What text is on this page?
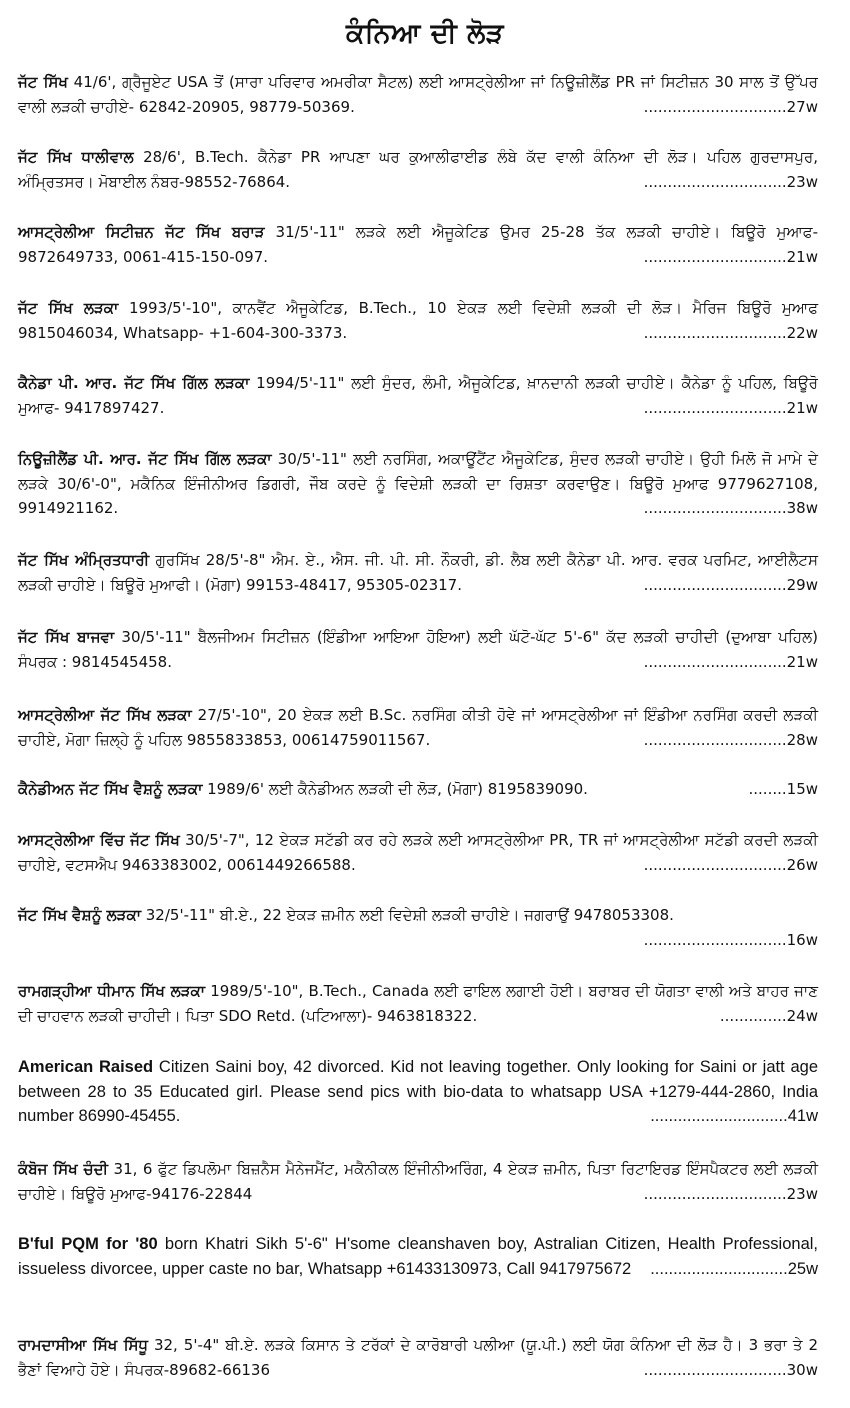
ਕੰਨਿਆ ਦੀ ਲੋੜ
ਜੱਟ ਸਿੱਖ 41/6', ਗ੍ਰੈਜੂਏਟ USA ਤੋਂ (ਸਾਰਾ ਪਰਿਵਾਰ ਅਮਰੀਕਾ ਸੈਟਲ) ਲਈ ਆਸਟ੍ਰੇਲੀਆ ਜਾਂ ਨਿਊਜ਼ੀਲੈਂਡ PR ਜਾਂ ਸਿਟੀਜ਼ਨ 30 ਸਾਲ ਤੋਂ ਉੱਪਰ ਵਾਲੀ ਲੜਕੀ ਚਾਹੀਏ- 62842-20905, 98779-50369.	..............................27w
ਜੱਟ ਸਿੱਖ ਧਾਲੀਵਾਲ 28/6', B.Tech. ਕੈਨੇਡਾ PR ਆਪਣਾ ਘਰ ਕੁਆਲੀਫਾਈਡ ਲੰਬੇ ਕੱਦ ਵਾਲੀ ਕੰਨਿਆ ਦੀ ਲੋੜ। ਪਹਿਲ ਗੁਰਦਾਸਪੁਰ, ਅੰਮ੍ਰਿਤਸਰ। ਮੋਬਾਈਲ ਨੰਬਰ-98552-76864.	..............................23w
ਆਸਟ੍ਰੇਲੀਆ ਸਿਟੀਜ਼ਨ ਜੱਟ ਸਿੱਖ ਬਰਾੜ 31/5'-11" ਲੜਕੇ ਲਈ ਐਜੂਕੇਟਿਡ ਉਮਰ 25-28 ਤੱਕ ਲੜਕੀ ਚਾਹੀਏ। ਬਿਊਰੋ ਮੁਆਫ- 9872649733, 0061-415-150-097.	..............................21w
ਜੱਟ ਸਿੱਖ ਲੜਕਾ 1993/5'-10", ਕਾਨਵੈਂਟ ਐਜੂਕੇਟਿਡ, B.Tech., 10 ਏਕੜ ਲਈ ਵਿਦੇਸ਼ੀ ਲੜਕੀ ਦੀ ਲੋੜ। ਮੈਰਿਜ ਬਿਊਰੋ ਮੁਆਫ 9815046034, Whatsapp- +1-604-300-3373.	..............................22w
ਕੈਨੇਡਾ ਪੀ. ਆਰ. ਜੱਟ ਸਿੱਖ ਗਿੱਲ ਲੜਕਾ 1994/5'-11" ਲਈ ਸੁੰਦਰ, ਲੰਮੀ, ਐਜੂਕੇਟਿਡ, ਖ਼ਾਨਦਾਨੀ ਲੜਕੀ ਚਾਹੀਏ। ਕੈਨੇਡਾ ਨੂੰ ਪਹਿਲ, ਬਿਊਰੋ ਮੁਆਫ- 9417897427.	..............................21w
ਨਿਊਜ਼ੀਲੈਂਡ ਪੀ. ਆਰ. ਜੱਟ ਸਿੱਖ ਗਿੱਲ ਲੜਕਾ 30/5'-11" ਲਈ ਨਰਸਿੰਗ, ਅਕਾਊਂਟੈਂਟ ਐਜੂਕੇਟਿਡ, ਸੁੰਦਰ ਲੜਕੀ ਚਾਹੀਏ। ਉਹੀ ਮਿਲੋ ਜੋ ਮਾਮੇ ਦੇ ਲੜਕੇ 30/6'-0", ਮਕੈਨਿਕ ਇੰਜੀਨੀਅਰ ਡਿਗਰੀ, ਜੌਬ ਕਰਦੇ ਨੂੰ ਵਿਦੇਸ਼ੀ ਲੜਕੀ ਦਾ ਰਿਸ਼ਤਾ ਕਰਵਾਉਣ। ਬਿਊਰੋ ਮੁਆਫ 9779627108, 9914921162.	..............................38w
ਜੱਟ ਸਿੱਖ ਅੰਮ੍ਰਿਤਧਾਰੀ ਗੁਰਸਿੱਖ 28/5'-8" ਐਮ. ਏ., ਐਸ. ਜੀ. ਪੀ. ਸੀ. ਨੌਕਰੀ, ਡੀ. ਲੈਬ ਲਈ ਕੈਨੇਡਾ ਪੀ. ਆਰ. ਵਰਕ ਪਰਮਿਟ, ਆਈਲੈਟਸ ਲੜਕੀ ਚਾਹੀਏ। ਬਿਊਰੋ ਮੁਆਫੀ। (ਮੋਗਾ) 99153-48417, 95305-02317.	..............................29w
ਜੱਟ ਸਿੱਖ ਬਾਜਵਾ 30/5'-11" ਬੈਲਜੀਅਮ ਸਿਟੀਜ਼ਨ (ਇੰਡੀਆ ਆਇਆ ਹੋਇਆ) ਲਈ ਘੱਟੋ-ਘੱਟ 5'-6" ਕੱਦ ਲੜਕੀ ਚਾਹੀਦੀ (ਦੁਆਬਾ ਪਹਿਲ) ਸੰਪਰਕ : 9814545458.	..............................21w
ਆਸਟ੍ਰੇਲੀਆ ਜੱਟ ਸਿੱਖ ਲੜਕਾ 27/5'-10", 20 ਏਕੜ ਲਈ B.Sc. ਨਰਸਿੰਗ ਕੀਤੀ ਹੋਵੇ ਜਾਂ ਆਸਟ੍ਰੇਲੀਆ ਜਾਂ ਇੰਡੀਆ ਨਰਸਿੰਗ ਕਰਦੀ ਲੜਕੀ ਚਾਹੀਏ, ਮੋਗਾ ਜ਼ਿਲ੍ਹੇ ਨੂੰ ਪਹਿਲ 9855833853, 00614759011567.	..............................28w
ਕੈਨੇਡੀਅਨ ਜੱਟ ਸਿੱਖ ਵੈਸ਼ਨੂੰ ਲੜਕਾ 1989/6' ਲਈ ਕੈਨੇਡੀਅਨ ਲੜਕੀ ਦੀ ਲੋੜ, (ਮੋਗਾ) 8195839090.	........15w
ਆਸਟ੍ਰੇਲੀਆ ਵਿੱਚ ਜੱਟ ਸਿੱਖ 30/5'-7", 12 ਏਕੜ ਸਟੱਡੀ ਕਰ ਰਹੇ ਲੜਕੇ ਲਈ ਆਸਟ੍ਰੇਲੀਆ PR, TR ਜਾਂ ਆਸਟ੍ਰੇਲੀਆ ਸਟੱਡੀ ਕਰਦੀ ਲੜਕੀ ਚਾਹੀਏ, ਵਟਸਐਪ 9463383002, 0061449266588.	..............................26w
ਜੱਟ ਸਿੱਖ ਵੈਸ਼ਨੂੰ ਲੜਕਾ 32/5'-11" ਬੀ.ਏ., 22 ਏਕੜ ਜ਼ਮੀਨ ਲਈ ਵਿਦੇਸ਼ੀ ਲੜਕੀ ਚਾਹੀਏ। ਜਗਰਾਉਂ 9478053308.
..............................16w
ਰਾਮਗੜ੍ਹੀਆ ਧੀਮਾਨ ਸਿੱਖ ਲੜਕਾ 1989/5'-10", B.Tech., Canada ਲਈ ਫਾਇਲ ਲਗਾਈ ਹੋਈ। ਬਰਾਬਰ ਦੀ ਯੋਗਤਾ ਵਾਲੀ ਅਤੇ ਬਾਹਰ ਜਾਣ ਦੀ ਚਾਹਵਾਨ ਲੜਕੀ ਚਾਹੀਦੀ। ਪਿਤਾ SDO Retd. (ਪਟਿਆਲਾ)- 9463818322.	..............24w
American Raised Citizen Saini boy, 42 divorced. Kid not leaving together. Only looking for Saini or jatt age between 28 to 35 Educated girl. Please send pics with bio-data to whatsapp USA +1279-444-2860, India number 86990-45455.	..............................41w
ਕੰਬੋਜ ਸਿੱਖ ਚੰਦੀ 31, 6 ਫੁੱਟ ਡਿਪਲੋਮਾ ਬਿਜ਼ਨੈਸ ਮੈਨੇਜਮੈਂਟ, ਮਕੈਨੀਕਲ ਇੰਜੀਨੀਅਰਿੰਗ, 4 ਏਕੜ ਜ਼ਮੀਨ, ਪਿਤਾ ਰਿਟਾਇਰਡ ਇੰਸਪੈਕਟਰ ਲਈ ਲੜਕੀ ਚਾਹੀਏ। ਬਿਊਰੋ ਮੁਆਫ-94176-22844	..............................23w
B'ful PQM for '80 born Khatri Sikh 5'-6" H'some cleanshaven boy, Astralian Citizen, Health Professional, issueless divorcee, upper caste no bar, Whatsapp +61433130973, Call 9417975672 ..............................25w
ਰਾਮਦਾਸੀਆ ਸਿੱਖ ਸਿੱਧੂ 32, 5'-4" ਬੀ.ਏ. ਲੜਕੇ ਕਿਸਾਨ ਤੇ ਟਰੱਕਾਂ ਦੇ ਕਾਰੋਬਾਰੀ ਪਲੀਆ (ਯੂ.ਪੀ.) ਲਈ ਯੋਗ ਕੰਨਿਆ ਦੀ ਲੋੜ ਹੈ। 3 ਭਰਾ ਤੇ 2 ਭੈਣਾਂ ਵਿਆਹੇ ਹੋਏ। ਸੰਪਰਕ-89682-66136	..............................30w
